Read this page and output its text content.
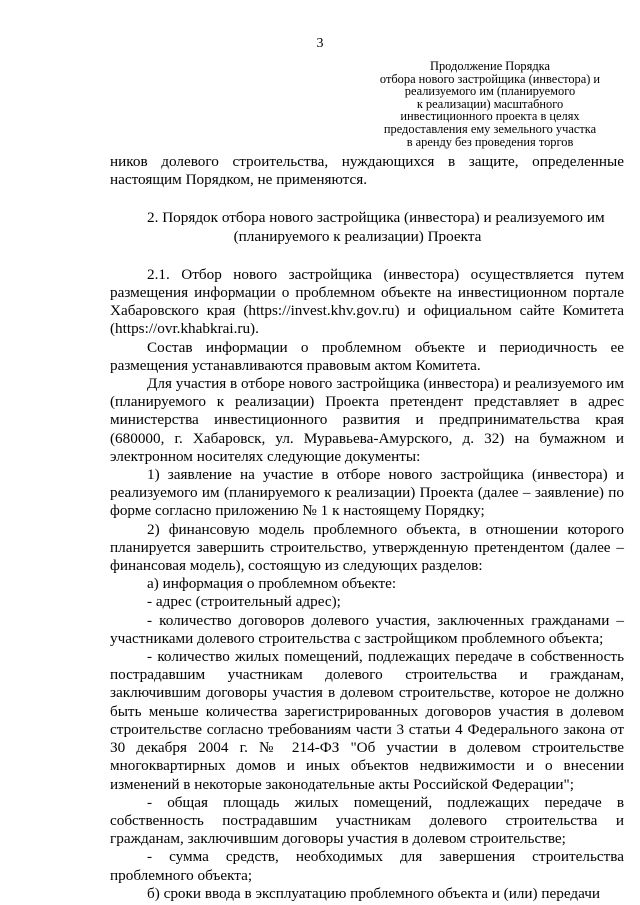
3
Продолжение Порядка
отбора нового застройщика (инвестора) и
реализуемого им (планируемого
к реализации) масштабного
инвестиционного проекта в целях
предоставления ему земельного участка
в аренду без проведения торгов

ников долевого строительства, нуждающихся в защите, определенные настоящим Порядком, не применяются.

2. Порядок отбора нового застройщика (инвестора) и реализуемого им
(планируемого к реализации) Проекта

2.1. Отбор нового застройщика (инвестора) осуществляется путем размещения информации о проблемном объекте на инвестиционном портале Хабаровского края (https://invest.khv.gov.ru) и официальном сайте Комитета (https://ovr.khabkrai.ru).

Состав информации о проблемном объекте и периодичность ее размещения устанавливаются правовым актом Комитета.

Для участия в отборе нового застройщика (инвестора) и реализуемого им (планируемого к реализации) Проекта претендент представляет в адрес министерства инвестиционного развития и предпринимательства края (680000, г. Хабаровск, ул. Муравьева-Амурского, д. 32) на бумажном и электронном носителях следующие документы:

1) заявление на участие в отборе нового застройщика (инвестора) и реализуемого им (планируемого к реализации) Проекта (далее – заявление) по форме согласно приложению № 1 к настоящему Порядку;

2) финансовую модель проблемного объекта, в отношении которого планируется завершить строительство, утвержденную претендентом (далее – финансовая модель), состоящую из следующих разделов:

а) информация о проблемном объекте:

- адрес (строительный адрес);

- количество договоров долевого участия, заключенных гражданами – участниками долевого строительства с застройщиком проблемного объекта;

- количество жилых помещений, подлежащих передаче в собственность пострадавшим участникам долевого строительства и гражданам, заключившим договоры участия в долевом строительстве, которое не должно быть меньше количества зарегистрированных договоров участия в долевом строительстве согласно требованиям части 3 статьи 4 Федерального закона от 30 декабря 2004 г. № 214-ФЗ "Об участии в долевом строительстве многоквартирных домов и иных объектов недвижимости и о внесении изменений в некоторые законодательные акты Российской Федерации";

- общая площадь жилых помещений, подлежащих передаче в собственность пострадавшим участникам долевого строительства и гражданам, заключившим договоры участия в долевом строительстве;

- сумма средств, необходимых для завершения строительства проблемного объекта;

б) сроки ввода в эксплуатацию проблемного объекта и (или) передачи
